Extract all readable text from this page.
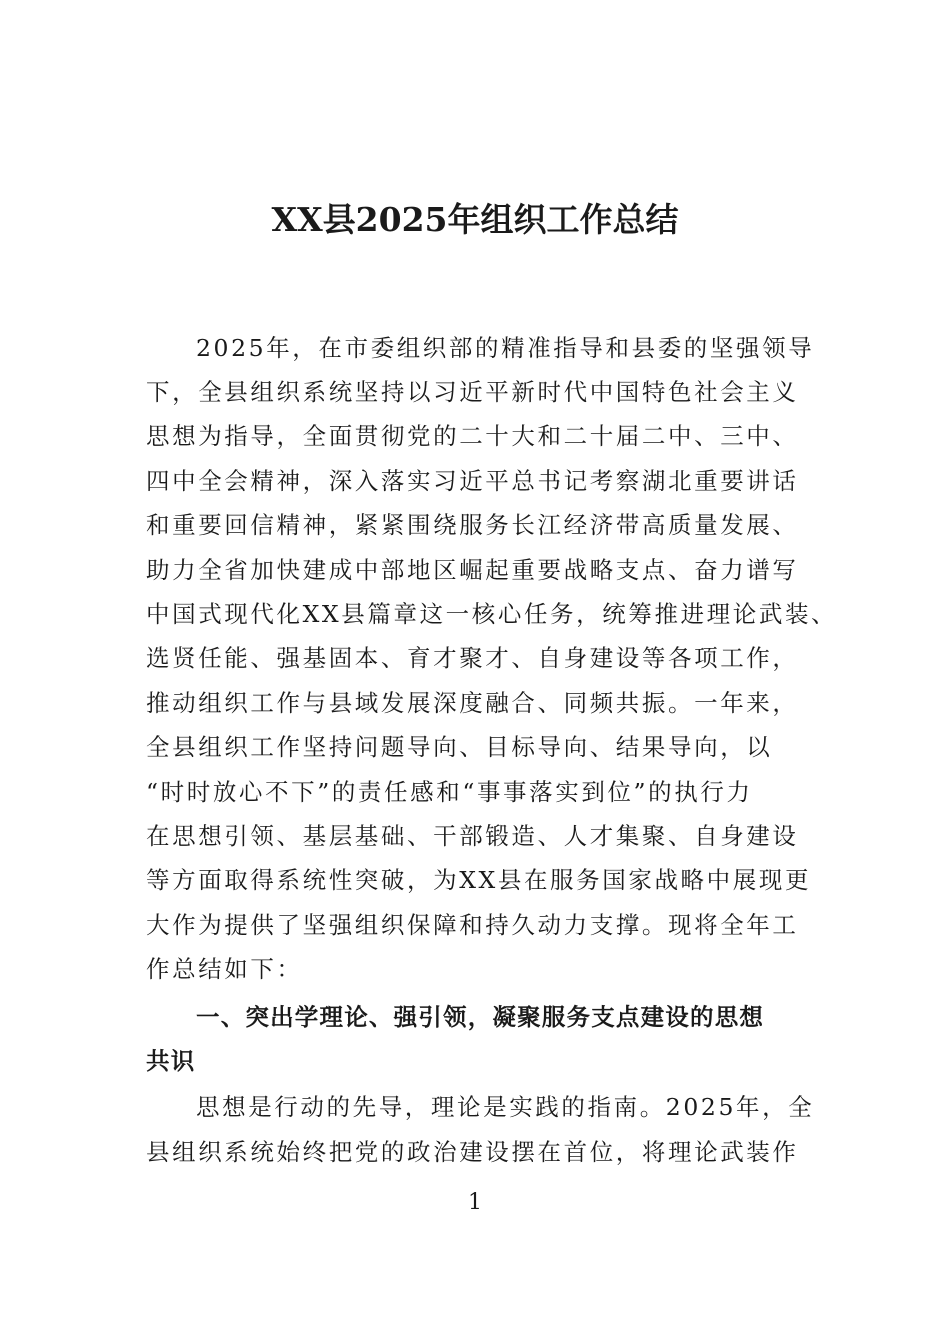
XX县2025年组织工作总结
2025年，在市委组织部的精准指导和县委的坚强领导
下，全县组织系统坚持以习近平新时代中国特色社会主义
思想为指导，全面贯彻党的二十大和二十届二中、三中、
四中全会精神，深入落实习近平总书记考察湖北重要讲话
和重要回信精神，紧紧围绕服务长江经济带高质量发展、
助力全省加快建成中部地区崛起重要战略支点、奋力谱写
中国式现代化XX县篇章这一核心任务，统筹推进理论武装、
选贤任能、强基固本、育才聚才、自身建设等各项工作，
推动组织工作与县域发展深度融合、同频共振。一年来，
全县组织工作坚持问题导向、目标导向、结果导向，以
“时时放心不下”的责任感和“事事落实到位”的执行力
在思想引领、基层基础、干部锻造、人才集聚、自身建设
等方面取得系统性突破，为XX县在服务国家战略中展现更
大作为提供了坚强组织保障和持久动力支撑。现将全年工
作总结如下：
一、突出学理论、强引领，凝聚服务支点建设的思想
共识
思想是行动的先导，理论是实践的指南。2025年，全
县组织系统始终把党的政治建设摆在首位，将理论武装作
1
